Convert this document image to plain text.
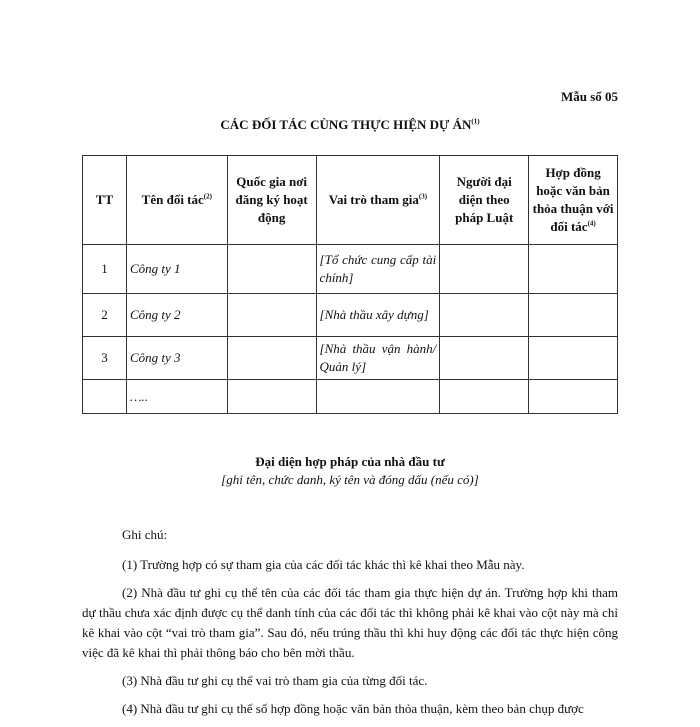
Mẫu số 05
CÁC ĐỐI TÁC CÙNG THỰC HIỆN DỰ ÁN$^{(1)}$
TT	Tên đối tác$^{(2)}$	Quốc gia nơi đăng ký hoạt động	Vai trò tham gia$^{(3)}$	Người đại diện theo pháp Luật	Hợp đồng hoặc văn bản thỏa thuận với đối tác$^{(4)}$
1	Công ty 1		[Tổ chức cung cấp tài chính]		
2	Công ty 2		[Nhà thầu xây dựng]		
3	Công ty 3		[Nhà thầu vận hành/ Quản lý]		
	…..				
Đại diện hợp pháp của nhà đầu tư
[ghi tên, chức danh, ký tên và đóng dấu (nếu có)]

Ghi chú:

(1) Trường hợp có sự tham gia của các đối tác khác thì kê khai theo Mẫu này.

(2) Nhà đầu tư ghi cụ thể tên của các đối tác tham gia thực hiện dự án. Trường hợp khi tham dự thầu chưa xác định được cụ thể danh tính của các đối tác thì không phải kê khai vào cột này mà chỉ kê khai vào cột “vai trò tham gia”. Sau đó, nếu trúng thầu thì khi huy động các đối tác thực hiện công việc đã kê khai thì phải thông báo cho bên mời thầu.

(3) Nhà đầu tư ghi cụ thể vai trò tham gia của từng đối tác.

(4) Nhà đầu tư ghi cụ thể số hợp đồng hoặc văn bản thỏa thuận, kèm theo bản chụp được
